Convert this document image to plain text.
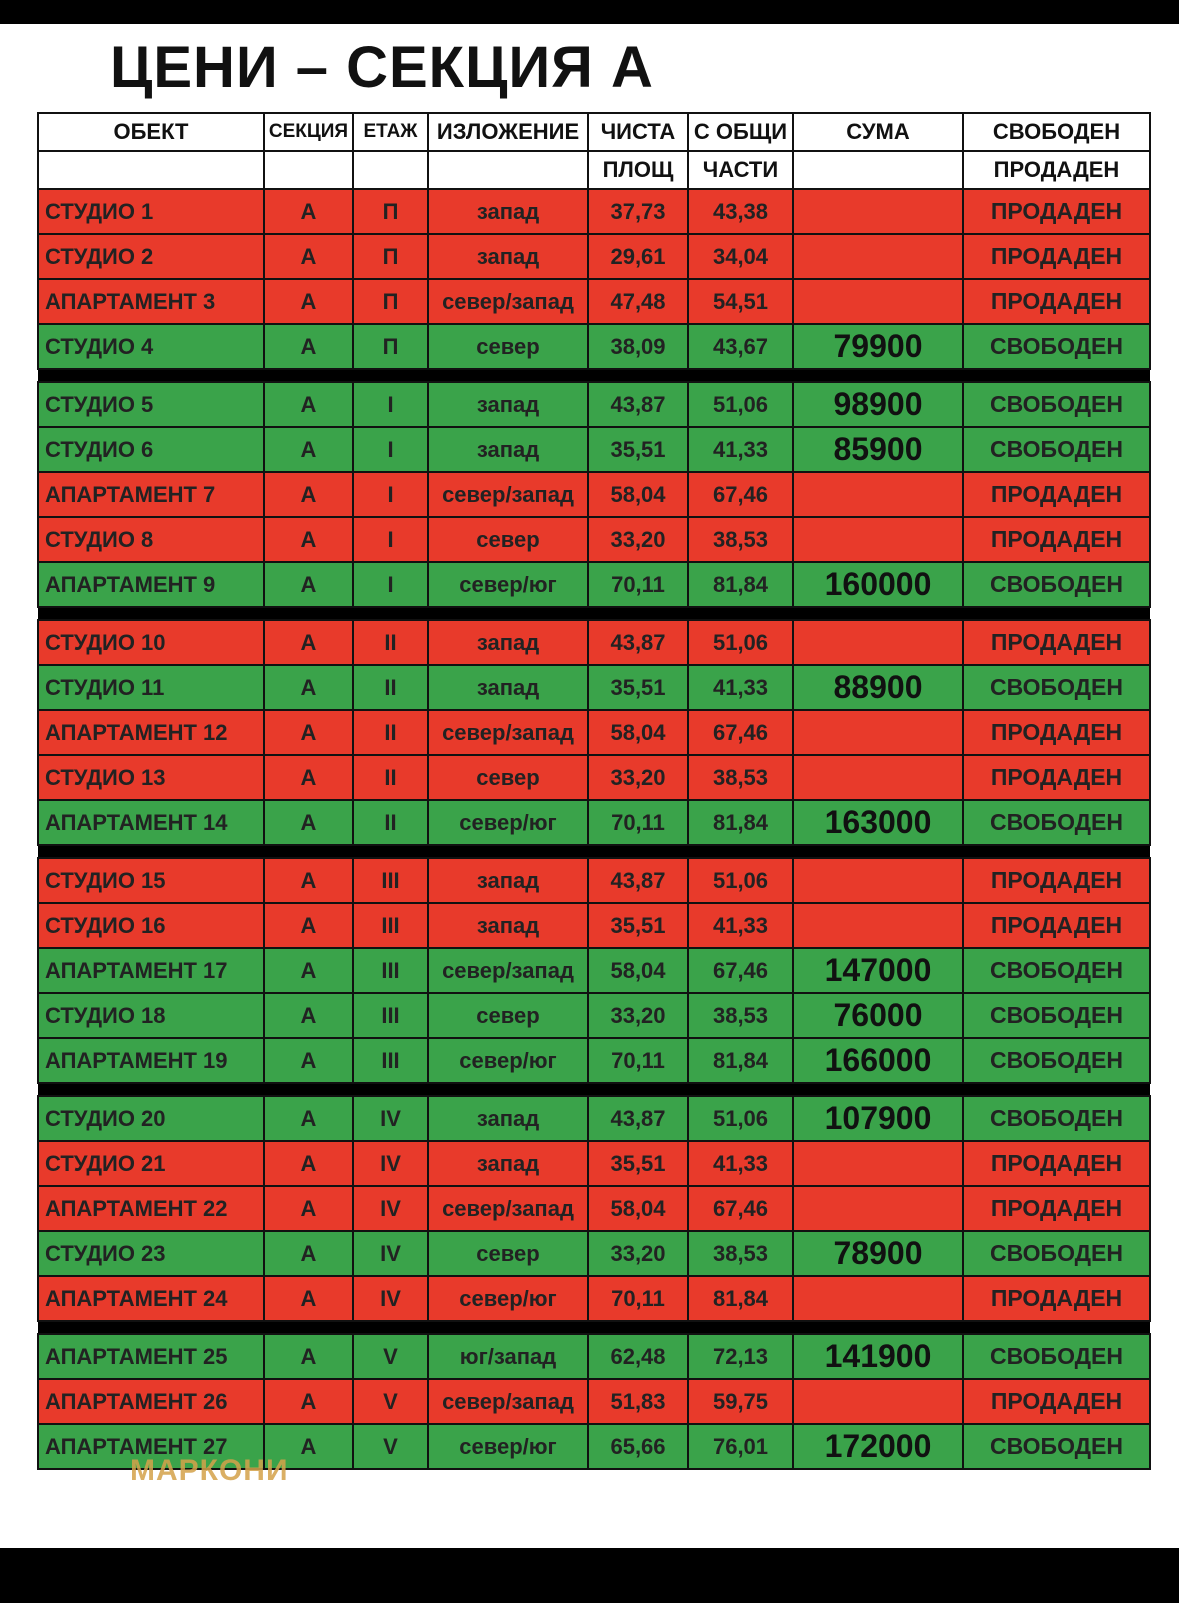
ЦЕНИ – СЕКЦИЯ А
ОБЕКТ	СЕКЦИЯ	ЕТАЖ	ИЗЛОЖЕНИЕ	ЧИСТА	С ОБЩИ	СУМА	СВОБОДЕН
				ПЛОЩ	ЧАСТИ		ПРОДАДЕН
СТУДИО 1	А	П	запад	37,73	43,38		ПРОДАДЕН
СТУДИО 2	А	П	запад	29,61	34,04		ПРОДАДЕН
АПАРТАМЕНТ 3	А	П	север/запад	47,48	54,51		ПРОДАДЕН
СТУДИО 4	А	П	север	38,09	43,67	79900	СВОБОДЕН

СТУДИО 5	А	I	запад	43,87	51,06	98900	СВОБОДЕН
СТУДИО 6	А	I	запад	35,51	41,33	85900	СВОБОДЕН
АПАРТАМЕНТ 7	А	I	север/запад	58,04	67,46		ПРОДАДЕН
СТУДИО 8	А	I	север	33,20	38,53		ПРОДАДЕН
АПАРТАМЕНТ 9	А	I	север/юг	70,11	81,84	160000	СВОБОДЕН

СТУДИО 10	А	II	запад	43,87	51,06		ПРОДАДЕН
СТУДИО 11	А	II	запад	35,51	41,33	88900	СВОБОДЕН
АПАРТАМЕНТ 12	А	II	север/запад	58,04	67,46		ПРОДАДЕН
СТУДИО 13	А	II	север	33,20	38,53		ПРОДАДЕН
АПАРТАМЕНТ 14	А	II	север/юг	70,11	81,84	163000	СВОБОДЕН

СТУДИО 15	А	III	запад	43,87	51,06		ПРОДАДЕН
СТУДИО 16	А	III	запад	35,51	41,33		ПРОДАДЕН
АПАРТАМЕНТ 17	А	III	север/запад	58,04	67,46	147000	СВОБОДЕН
СТУДИО 18	А	III	север	33,20	38,53	76000	СВОБОДЕН
АПАРТАМЕНТ 19	А	III	север/юг	70,11	81,84	166000	СВОБОДЕН

СТУДИО 20	А	IV	запад	43,87	51,06	107900	СВОБОДЕН
СТУДИО 21	А	IV	запад	35,51	41,33		ПРОДАДЕН
АПАРТАМЕНТ 22	А	IV	север/запад	58,04	67,46		ПРОДАДЕН
СТУДИО 23	А	IV	север	33,20	38,53	78900	СВОБОДЕН
АПАРТАМЕНТ 24	А	IV	север/юг	70,11	81,84		ПРОДАДЕН

АПАРТАМЕНТ 25	А	V	юг/запад	62,48	72,13	141900	СВОБОДЕН
АПАРТАМЕНТ 26	А	V	север/запад	51,83	59,75		ПРОДАДЕН
АПАРТАМЕНТ 27	А	V	север/юг	65,66	76,01	172000	СВОБОДЕН
МАРКОНИ
